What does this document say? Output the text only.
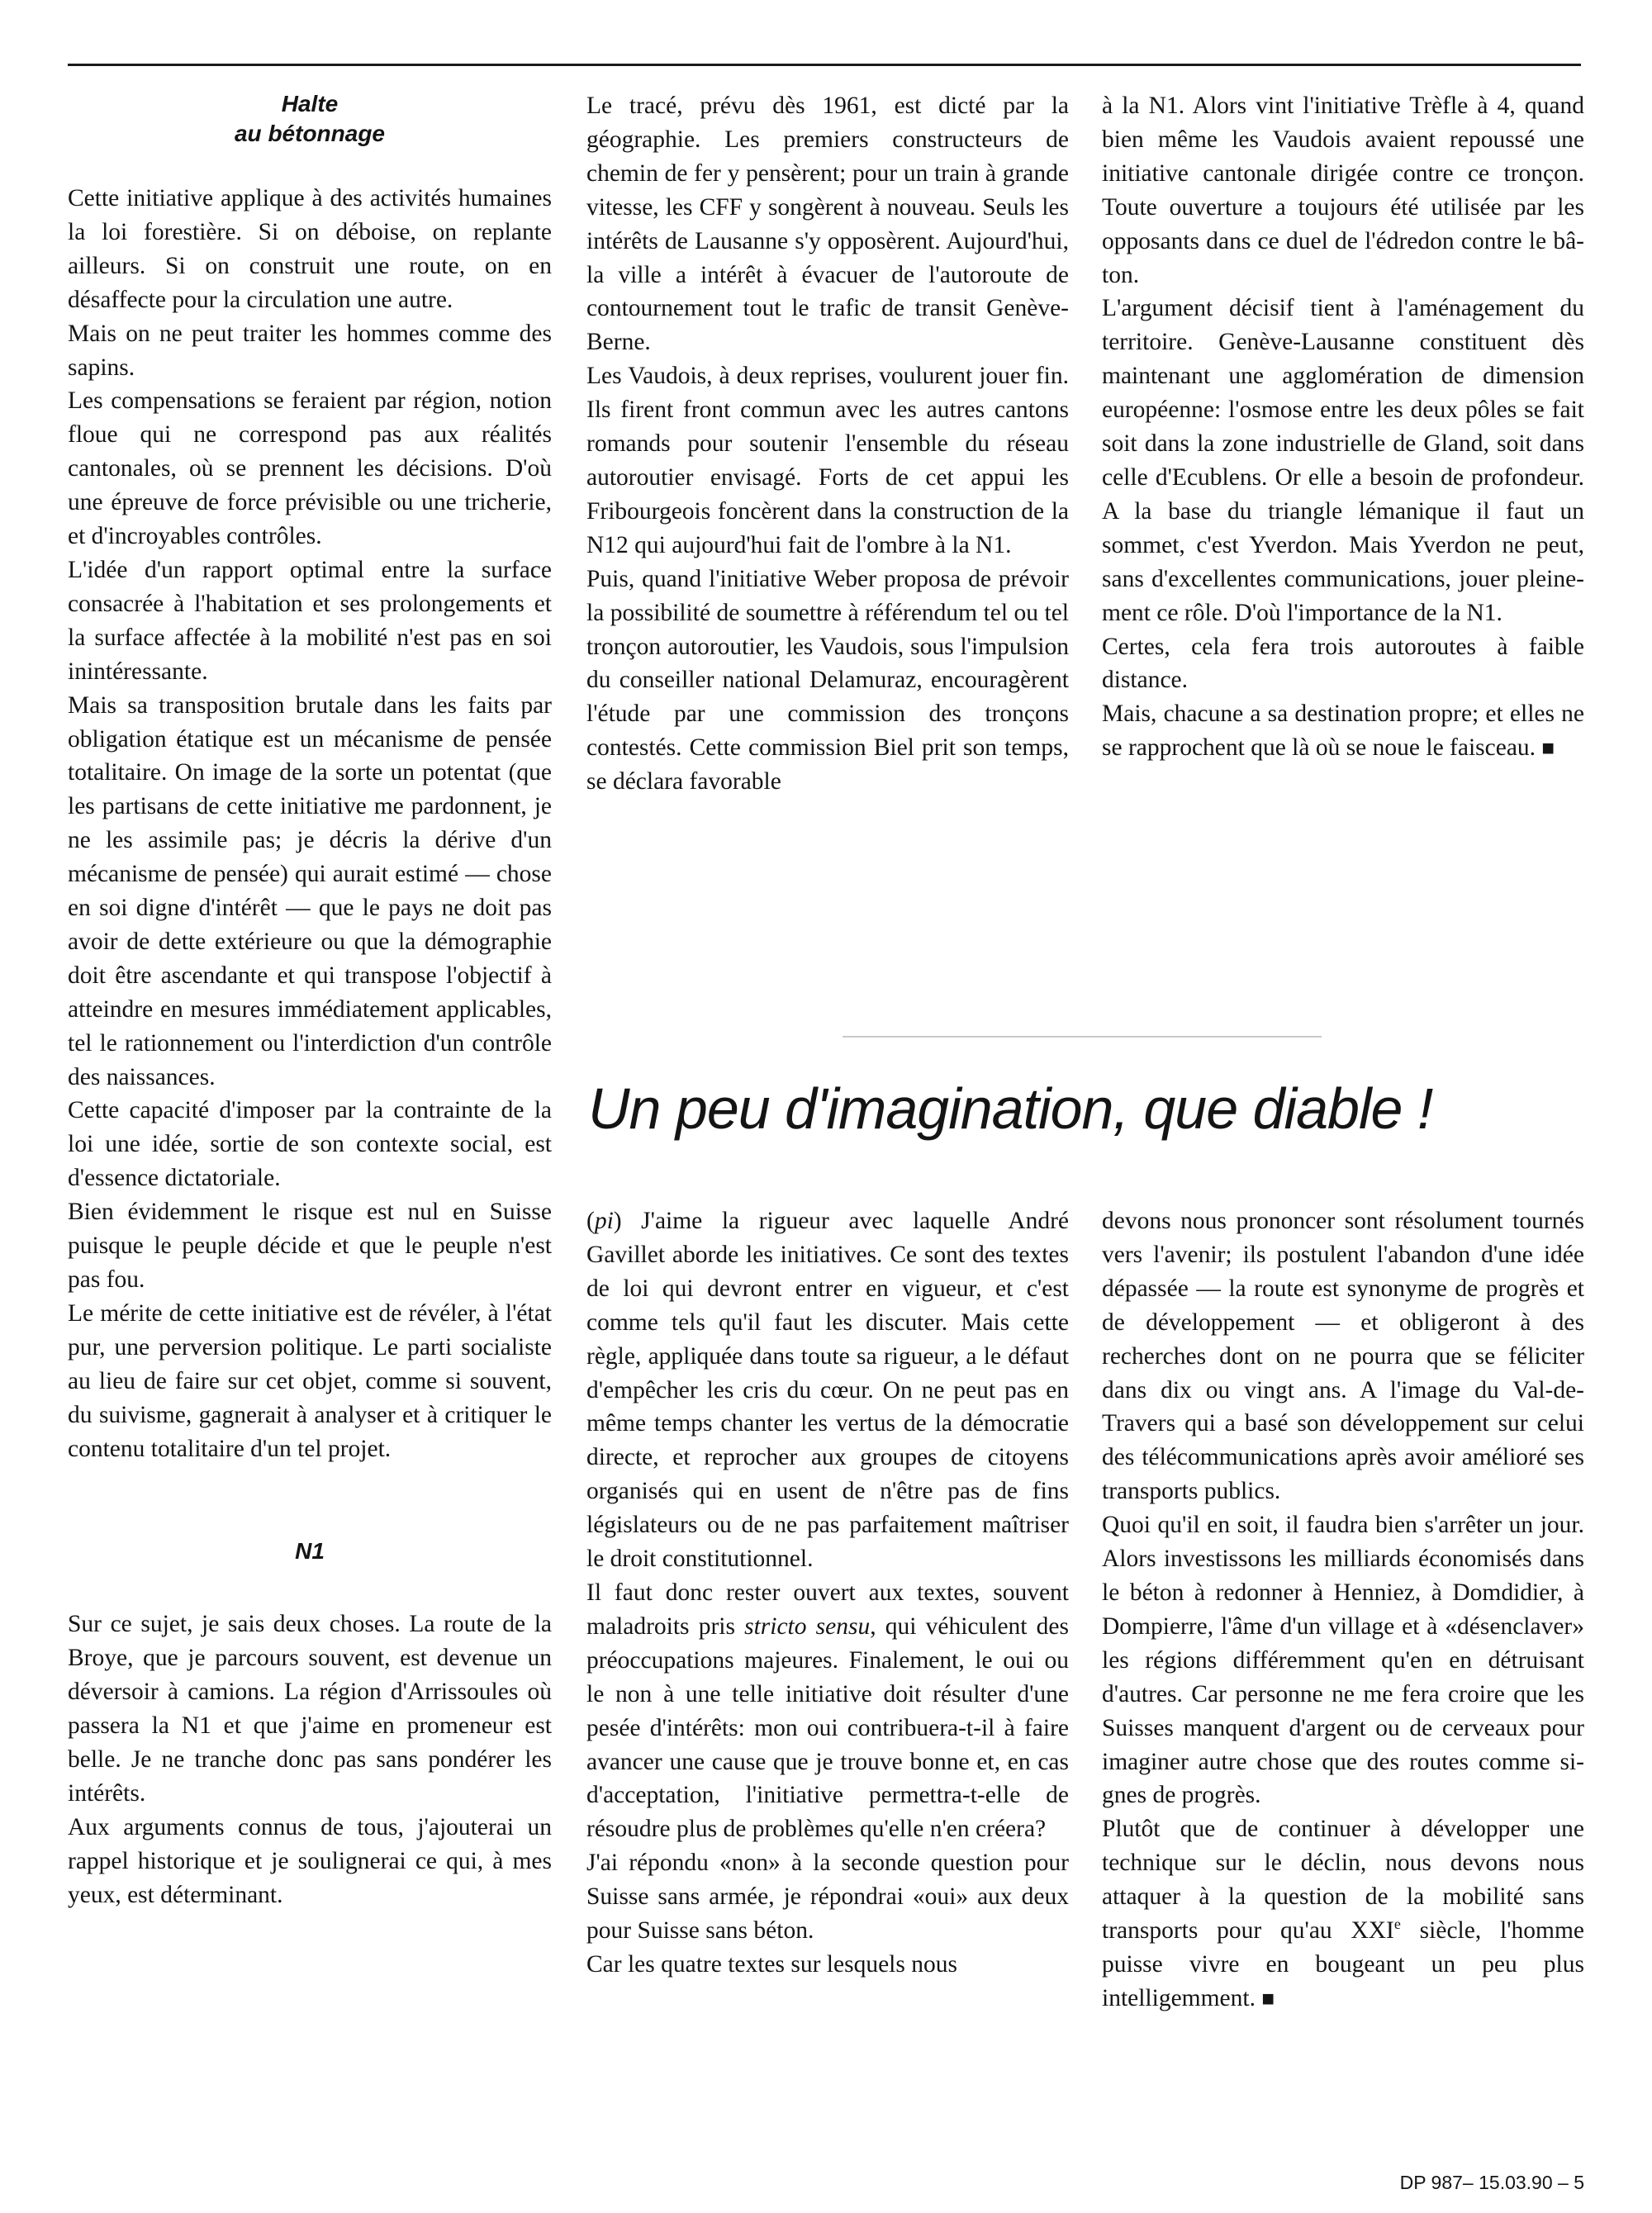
Halte
au bétonnage

Cette initiative applique à des activités humaines la loi forestière. Si on déboise, on replante ailleurs. Si on construit une route, on en désaffecte pour la circulation une autre.

Mais on ne peut traiter les hommes comme des sapins.

Les compensations se feraient par région, notion floue qui ne correspond pas aux réalités cantonales, où se prennent les décisions. D'où une épreuve de force prévisible ou une tricherie, et d'incroyables contrôles.

L'idée d'un rapport optimal entre la surface consacrée à l'habitation et ses prolongements et la surface affectée à la mobilité n'est pas en soi inintéressante.

Mais sa transposition brutale dans les faits par obligation étatique est un mécanisme de pensée totalitaire. On image de la sorte un potentat (que les partisans de cette initiative me pardonnent, je ne les assimile pas; je décris la dérive d'un mécanisme de pensée) qui aurait estimé — chose en soi digne d'intérêt — que le pays ne doit pas avoir de dette extérieure ou que la démographie doit être ascendante et qui transpose l'objectif à atteindre en mesures immédiatement applicables, tel le rationnement ou l'interdiction d'un contrôle des naissances.

Cette capacité d'imposer par la contrainte de la loi une idée, sortie de son contexte social, est d'essence dictatoriale.

Bien évidemment le risque est nul en Suisse puisque le peuple décide et que le peuple n'est pas fou.

Le mérite de cette initiative est de révéler, à l'état pur, une perversion politique. Le parti socialiste au lieu de faire sur cet objet, comme si souvent, du suivisme, gagnerait à analyser et à critiquer le contenu totalitaire d'un tel projet.

N1

Sur ce sujet, je sais deux choses. La route de la Broye, que je parcours souvent, est devenue un déversoir à camions. La région d'Arrissoules où passera la N1 et que j'aime en promeneur est belle. Je ne tranche donc pas sans pondérer les intérêts.

Aux arguments connus de tous, j'ajouterai un rappel historique et je soulignerai ce qui, à mes yeux, est déterminant.

Le tracé, prévu dès 1961, est dicté par la géographie. Les premiers constructeurs de chemin de fer y pensèrent; pour un train à grande vitesse, les CFF y songèrent à nouveau. Seuls les intérêts de Lausanne s'y opposèrent. Aujourd'hui, la ville a intérêt à évacuer de l'autoroute de contournement tout le trafic de transit Genève-Berne.

Les Vaudois, à deux reprises, voulurent jouer fin. Ils firent front commun avec les autres cantons romands pour soutenir l'ensemble du réseau autoroutier envisagé. Forts de cet appui les Fribourgeois foncèrent dans la construction de la N12 qui aujourd'hui fait de l'ombre à la N1.

Puis, quand l'initiative Weber proposa de prévoir la possibilité de soumettre à référendum tel ou tel tronçon autoroutier, les Vaudois, sous l'impulsion du conseiller national Delamuraz, encouragèrent l'étude par une commission des tronçons contestés. Cette commission Biel prit son temps, se déclara favorable

à la N1. Alors vint l'initiative Trèfle à 4, quand bien même les Vaudois avaient repoussé une initiative cantonale dirigée contre ce tronçon. Toute ouverture a toujours été utilisée par les opposants dans ce duel de l'édredon contre le bâton.

L'argument décisif tient à l'aménagement du territoire. Genève-Lausanne constituent dès maintenant une agglomération de dimension européenne: l'osmose entre les deux pôles se fait soit dans la zone industrielle de Gland, soit dans celle d'Ecublens. Or elle a besoin de profondeur. A la base du triangle lémanique il faut un sommet, c'est Yverdon. Mais Yverdon ne peut, sans d'excellentes communications, jouer pleinement ce rôle. D'où l'importance de la N1.

Certes, cela fera trois autoroutes à faible distance.

Mais, chacune a sa destination propre; et elles ne se rapprochent que là où se noue le faisceau. ■

Un peu d'imagination, que diable !

(pi) J'aime la rigueur avec laquelle André Gavillet aborde les initiatives. Ce sont des textes de loi qui devront entrer en vigueur, et c'est comme tels qu'il faut les discuter. Mais cette règle, appliquée dans toute sa rigueur, a le défaut d'empêcher les cris du cœur. On ne peut pas en même temps chanter les vertus de la démocratie directe, et reprocher aux groupes de citoyens organisés qui en usent de n'être pas de fins législateurs ou de ne pas parfaitement maîtriser le droit constitutionnel.

Il faut donc rester ouvert aux textes, souvent maladroits pris stricto sensu, qui véhiculent des préoccupations majeures. Finalement, le oui ou le non à une telle initiative doit résulter d'une pesée d'intérêts: mon oui contribuera-t-il à faire avancer une cause que je trouve bonne et, en cas d'acceptation, l'initiative permettra-t-elle de résoudre plus de problèmes qu'elle n'en créera?

J'ai répondu «non» à la seconde question pour Suisse sans armée, je répondrai «oui» aux deux pour Suisse sans béton.

Car les quatre textes sur lesquels nous

devons nous prononcer sont résolument tournés vers l'avenir; ils postulent l'abandon d'une idée dépassée — la route est synonyme de progrès et de développement — et obligeront à des recherches dont on ne pourra que se féliciter dans dix ou vingt ans. A l'image du Val-de-Travers qui a basé son développement sur celui des télécommunications après avoir amélioré ses transports publics.

Quoi qu'il en soit, il faudra bien s'arrêter un jour. Alors investissons les milliards économisés dans le béton à redonner à Henniez, à Domdidier, à Dompierre, l'âme d'un village et à «désenclaver» les régions différemment qu'en en détruisant d'autres. Car personne ne me fera croire que les Suisses manquent d'argent ou de cerveaux pour imaginer autre chose que des routes comme signes de progrès.

Plutôt que de continuer à développer une technique sur le déclin, nous devons nous attaquer à la question de la mobilité sans transports pour qu'au XXIe siècle, l'homme puisse vivre en bougeant un peu plus intelligemment. ■

DP 987– 15.03.90 – 5
